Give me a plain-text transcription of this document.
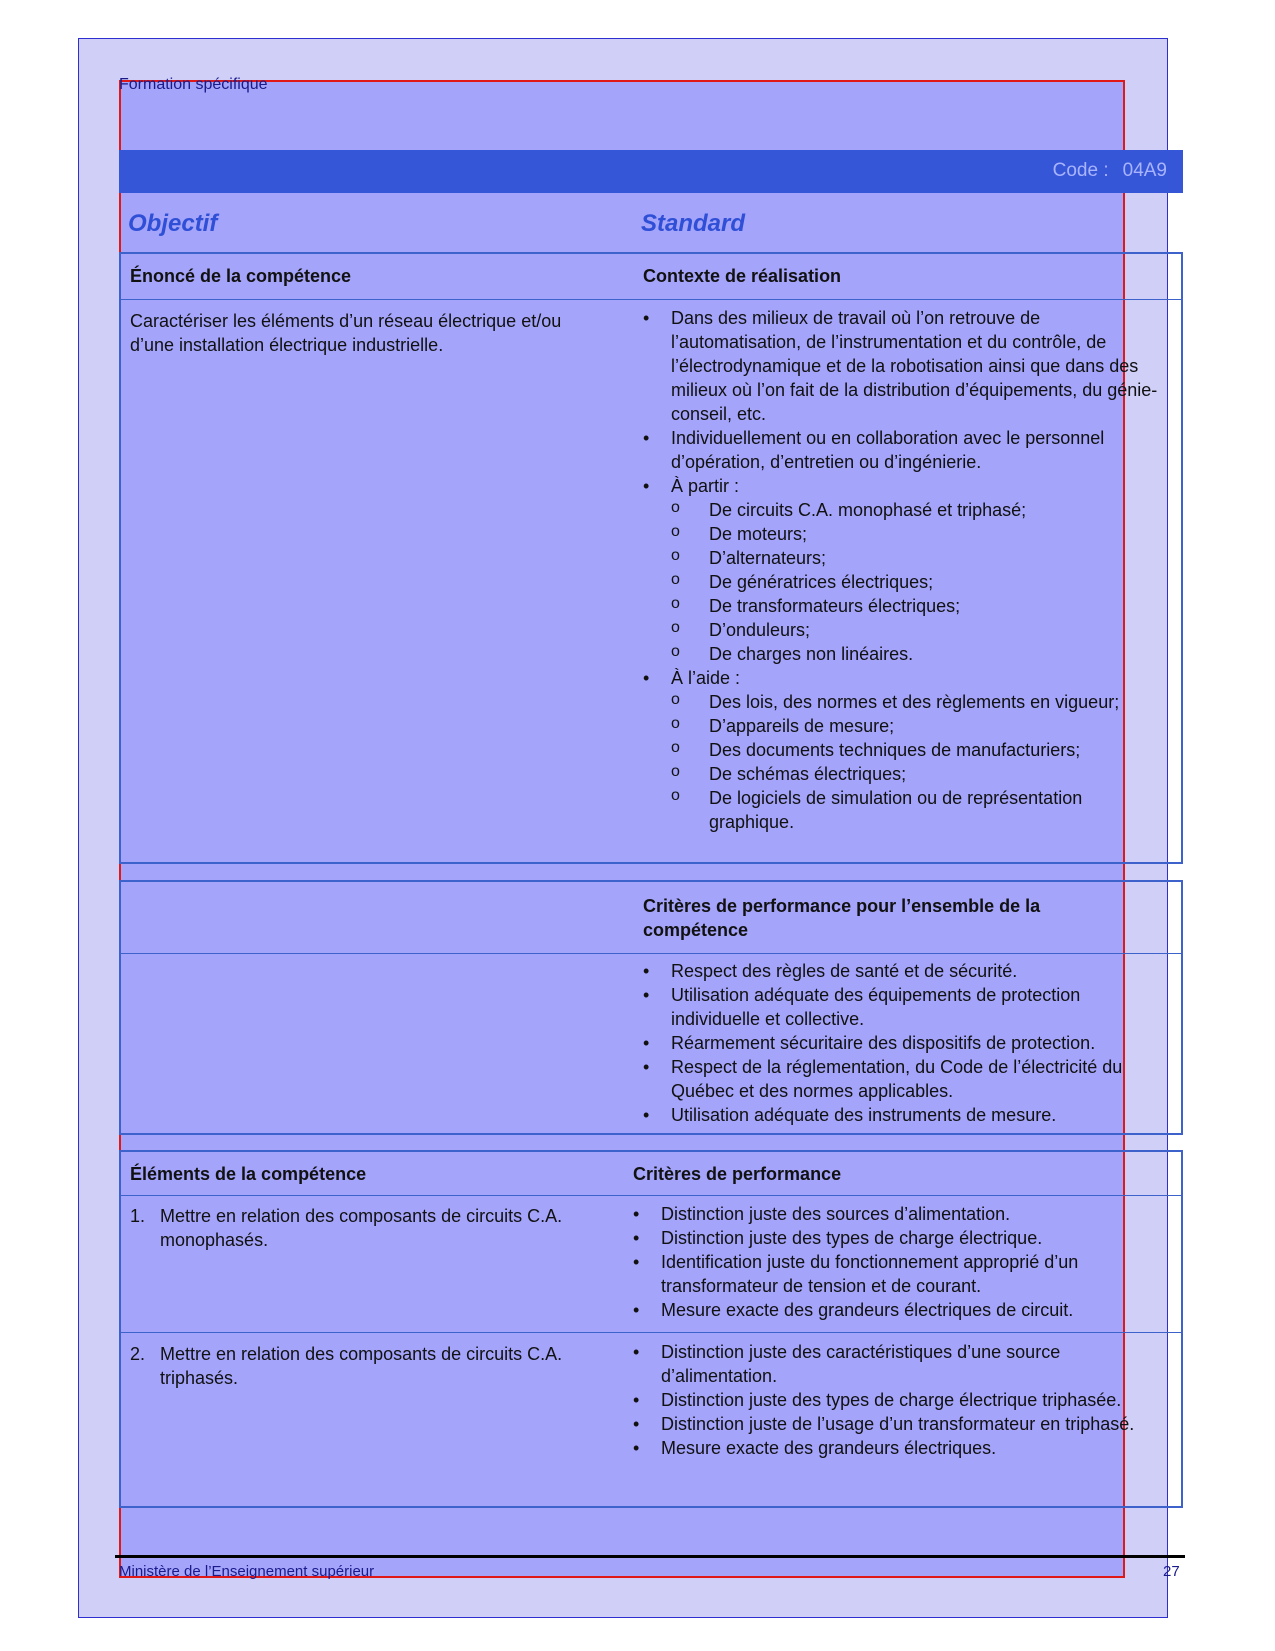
Formation spécifique
Code : 04A9
Objectif	Standard
Énoncé de la compétence	Contexte de réalisation
Caractériser les éléments d’un réseau électrique et/ou d’une installation électrique industrielle.
• Dans des milieux de travail où l’on retrouve de l’automatisation, de l’instrumentation et du contrôle, de l’électrodynamique et de la robotisation ainsi que dans des milieux où l’on fait de la distribution d’équipements, du génie-conseil, etc.
• Individuellement ou en collaboration avec le personnel d’opération, d’entretien ou d’ingénierie.
• À partir :
o De circuits C.A. monophasé et triphasé;
o De moteurs;
o D’alternateurs;
o De génératrices électriques;
o De transformateurs électriques;
o D’onduleurs;
o De charges non linéaires.
• À l’aide :
o Des lois, des normes et des règlements en vigueur;
o D’appareils de mesure;
o Des documents techniques de manufacturiers;
o De schémas électriques;
o De logiciels de simulation ou de représentation graphique.
Critères de performance pour l’ensemble de la compétence
• Respect des règles de santé et de sécurité.
• Utilisation adéquate des équipements de protection individuelle et collective.
• Réarmement sécuritaire des dispositifs de protection.
• Respect de la réglementation, du Code de l’électricité du Québec et des normes applicables.
• Utilisation adéquate des instruments de mesure.
Éléments de la compétence	Critères de performance
1. Mettre en relation des composants de circuits C.A. monophasés.
• Distinction juste des sources d’alimentation.
• Distinction juste des types de charge électrique.
• Identification juste du fonctionnement approprié d’un transformateur de tension et de courant.
• Mesure exacte des grandeurs électriques de circuit.
2. Mettre en relation des composants de circuits C.A. triphasés.
• Distinction juste des caractéristiques d’une source d’alimentation.
• Distinction juste des types de charge électrique triphasée.
• Distinction juste de l’usage d’un transformateur en triphasé.
• Mesure exacte des grandeurs électriques.
Ministère de l’Enseignement supérieur	27
